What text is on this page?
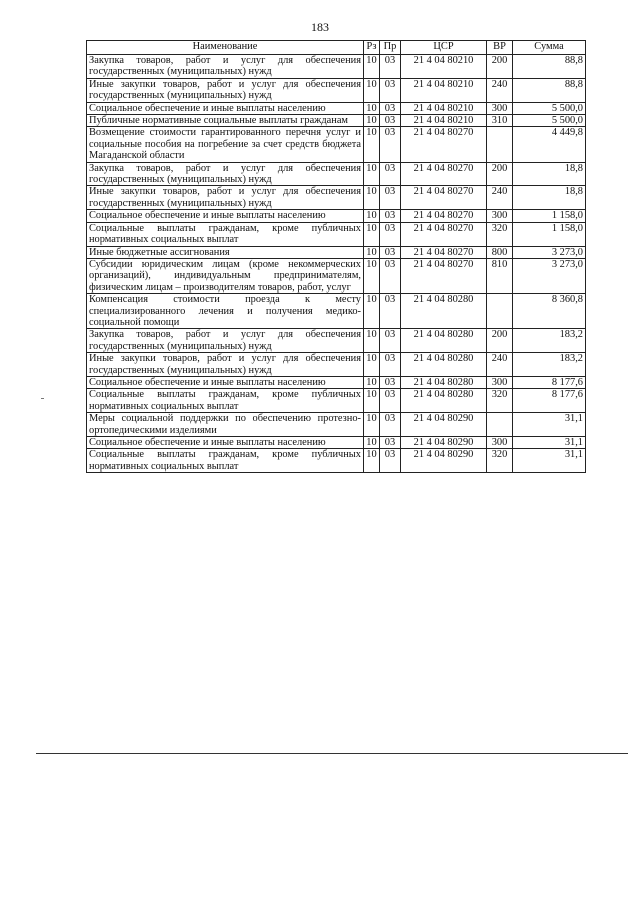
183
Наименование	Рз	Пр	ЦСР	ВР	Сумма
Закупка товаров, работ и услуг для обеспечения государственных (муниципальных) нужд	10	03	21 4 04 80210	200	88,8
Иные закупки товаров, работ и услуг для обеспечения государственных (муниципальных) нужд	10	03	21 4 04 80210	240	88,8
Социальное обеспечение и иные выплаты населению	10	03	21 4 04 80210	300	5 500,0
Публичные нормативные социальные выплаты гражданам	10	03	21 4 04 80210	310	5 500,0
Возмещение стоимости гарантированного перечня услуг и социальные пособия на погребение за счет средств бюджета Магаданской области	10	03	21 4 04 80270		4 449,8
Закупка товаров, работ и услуг для обеспечения государственных (муниципальных) нужд	10	03	21 4 04 80270	200	18,8
Иные закупки товаров, работ и услуг для обеспечения государственных (муниципальных) нужд	10	03	21 4 04 80270	240	18,8
Социальное обеспечение и иные выплаты населению	10	03	21 4 04 80270	300	1 158,0
Социальные выплаты гражданам, кроме публичных нормативных социальных выплат	10	03	21 4 04 80270	320	1 158,0
Иные бюджетные ассигнования	10	03	21 4 04 80270	800	3 273,0
Субсидии юридическим лицам (кроме некоммерческих организаций), индивидуальным предпринимателям, физическим лицам – производителям товаров, работ, услуг	10	03	21 4 04 80270	810	3 273,0
Компенсация стоимости проезда к месту специализированного лечения и получения медико-социальной помощи	10	03	21 4 04 80280		8 360,8
Закупка товаров, работ и услуг для обеспечения государственных (муниципальных) нужд	10	03	21 4 04 80280	200	183,2
Иные закупки товаров, работ и услуг для обеспечения государственных (муниципальных) нужд	10	03	21 4 04 80280	240	183,2
Социальное обеспечение и иные выплаты населению	10	03	21 4 04 80280	300	8 177,6
Социальные выплаты гражданам, кроме публичных нормативных социальных выплат	10	03	21 4 04 80280	320	8 177,6
Меры социальной поддержки по обеспечению протезно-ортопедическими изделиями	10	03	21 4 04 80290		31,1
Социальное обеспечение и иные выплаты населению	10	03	21 4 04 80290	300	31,1
Социальные выплаты гражданам, кроме публичных нормативных социальных выплат	10	03	21 4 04 80290	320	31,1
